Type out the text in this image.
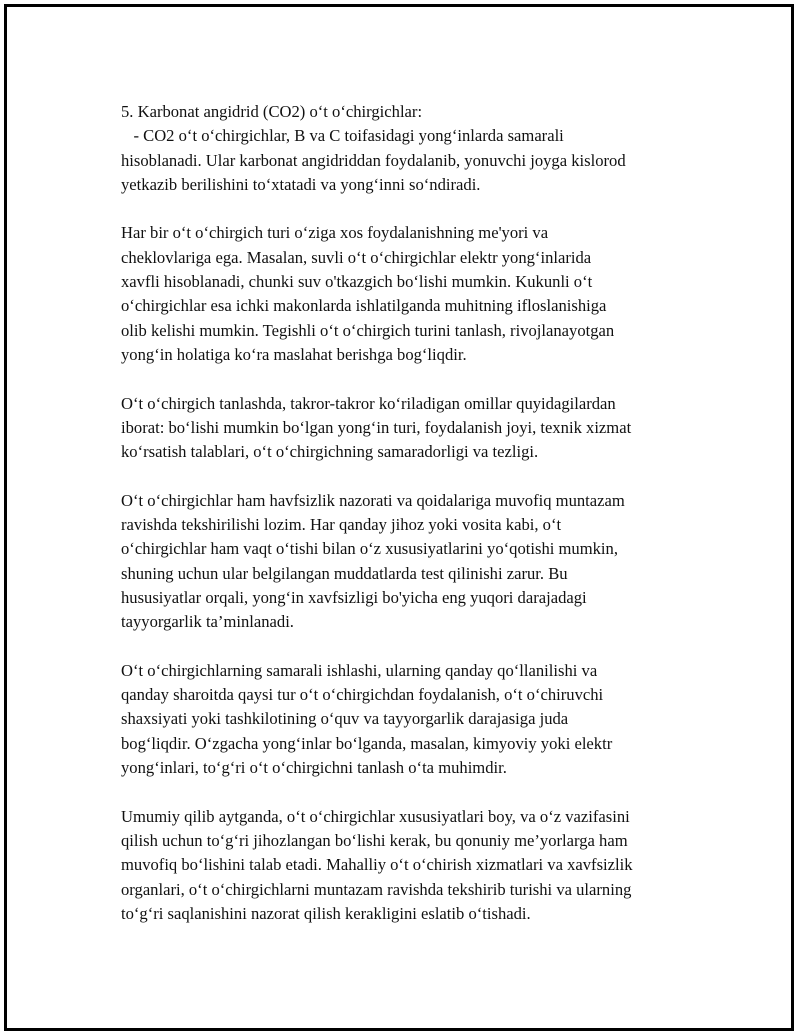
5. Karbonat angidrid (CO2) o‘t o‘chirgichlar:
- CO2 o‘t o‘chirgichlar, B va C toifasidagi yong‘inlarda samarali
hisoblanadi. Ular karbonat angidriddan foydalanib, yonuvchi joyga kislorod
yetkazib berilishini to‘xtatadi va yong‘inni so‘ndiradi.

Har bir o‘t o‘chirgich turi o‘ziga xos foydalanishning me'yori va
cheklovlariga ega. Masalan, suvli o‘t o‘chirgichlar elektr yong‘inlarida
xavfli hisoblanadi, chunki suv o'tkazgich bo‘lishi mumkin. Kukunli o‘t
o‘chirgichlar esa ichki makonlarda ishlatilganda muhitning ifloslanishiga
olib kelishi mumkin. Tegishli o‘t o‘chirgich turini tanlash, rivojlanayotgan
yong‘in holatiga ko‘ra maslahat berishga bog‘liqdir.

O‘t o‘chirgich tanlashda, takror-takror ko‘riladigan omillar quyidagilardan
iborat: bo‘lishi mumkin bo‘lgan yong‘in turi, foydalanish joyi, texnik xizmat
ko‘rsatish talablari, o‘t o‘chirgichning samaradorligi va tezligi.

O‘t o‘chirgichlar ham havfsizlik nazorati va qoidalariga muvofiq muntazam
ravishda tekshirilishi lozim. Har qanday jihoz yoki vosita kabi, o‘t
o‘chirgichlar ham vaqt o‘tishi bilan o‘z xususiyatlarini yo‘qotishi mumkin,
shuning uchun ular belgilangan muddatlarda test qilinishi zarur. Bu
hususiyatlar orqali, yong‘in xavfsizligi bo'yicha eng yuqori darajadagi
tayyorgarlik ta’minlanadi.

O‘t o‘chirgichlarning samarali ishlashi, ularning qanday qo‘llanilishi va
qanday sharoitda qaysi tur o‘t o‘chirgichdan foydalanish, o‘t o‘chiruvchi
shaxsiyati yoki tashkilotining o‘quv va tayyorgarlik darajasiga juda
bog‘liqdir. O‘zgacha yong‘inlar bo‘lganda, masalan, kimyoviy yoki elektr
yong‘inlari, to‘g‘ri o‘t o‘chirgichni tanlash o‘ta muhimdir.

Umumiy qilib aytganda, o‘t o‘chirgichlar xususiyatlari boy, va o‘z vazifasini
qilish uchun to‘g‘ri jihozlangan bo‘lishi kerak, bu qonuniy me’yorlarga ham
muvofiq bo‘lishini talab etadi. Mahalliy o‘t o‘chirish xizmatlari va xavfsizlik
organlari, o‘t o‘chirgichlarni muntazam ravishda tekshirib turishi va ularning
to‘g‘ri saqlanishini nazorat qilish kerakligini eslatib o‘tishadi.
